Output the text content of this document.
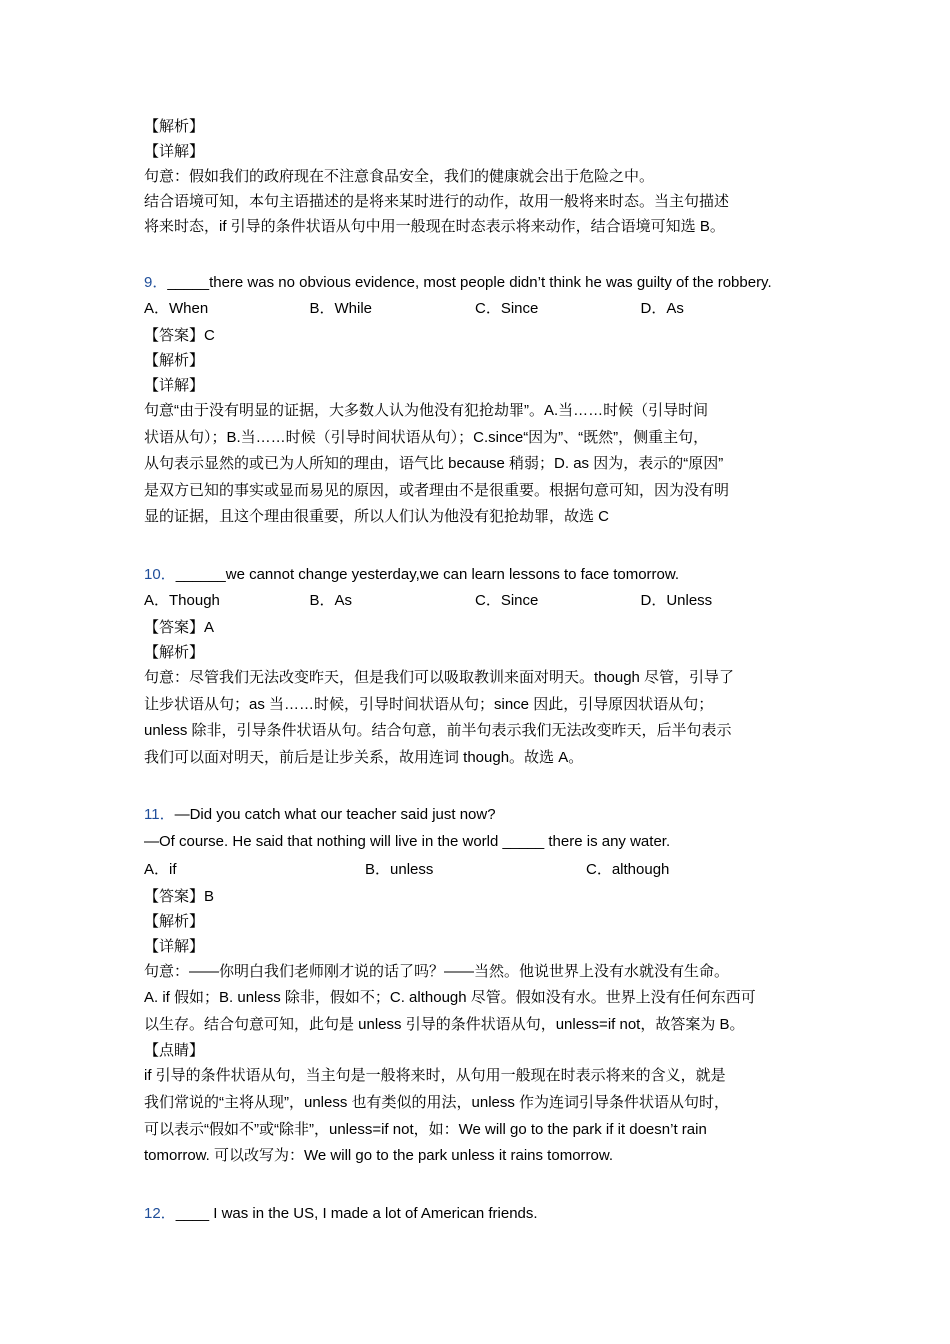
【解析】
【详解】
句意：假如我们的政府现在不注意食品安全，我们的健康就会出于危险之中。
结合语境可知，本句主语描述的是将来某时进行的动作，故用一般将来时态。当主句描述
将来时态，if 引导的条件状语从句中用一般现在时态表示将来动作，结合语境可知选 B。
9．_____there was no obvious evidence, most people didn’t think he was guilty of the robbery.
A．When	B．While	C．Since	D．As
【答案】C
【解析】
【详解】
句意“由于没有明显的证据，大多数人认为他没有犯抢劫罪”。A.当……时候（引导时间
状语从句）；B.当……时候（引导时间状语从句）；C.since“因为”、“既然”，侧重主句，
从句表示显然的或已为人所知的理由，语气比 because 稍弱；D. as 因为，表示的“原因”
是双方已知的事实或显而易见的原因，或者理由不是很重要。根据句意可知，因为没有明
显的证据，且这个理由很重要，所以人们认为他没有犯抢劫罪，故选 C
10．______we cannot change yesterday,we can learn lessons to face tomorrow.
A．Though	B．As	C．Since	D．Unless
【答案】A
【解析】
句意：尽管我们无法改变昨天，但是我们可以吸取教训来面对明天。though 尽管，引导了
让步状语从句；as 当……时候，引导时间状语从句；since 因此，引导原因状语从句；
unless 除非，引导条件状语从句。结合句意，前半句表示我们无法改变昨天，后半句表示
我们可以面对明天，前后是让步关系，故用连词 though。故选 A。
11．—Did you catch what our teacher said just now?
—Of course. He said that nothing will live in the world _____ there is any water.
A．if	B．unless	C．although
【答案】B
【解析】
【详解】
句意：——你明白我们老师刚才说的话了吗？——当然。他说世界上没有水就没有生命。
A. if 假如；B. unless 除非，假如不；C. although 尽管。假如没有水。世界上没有任何东西可
以生存。结合句意可知，此句是 unless 引导的条件状语从句，unless=if not，故答案为 B。
【点睛】
if 引导的条件状语从句，当主句是一般将来时，从句用一般现在时表示将来的含义，就是
我们常说的“主将从现”，unless 也有类似的用法，unless 作为连词引导条件状语从句时，
可以表示“假如不”或“除非”，unless=if not，如：We will go to the park if it doesn’t rain
tomorrow. 可以改写为：We will go to the park unless it rains tomorrow.
12．____ I was in the US, I made a lot of American friends.
